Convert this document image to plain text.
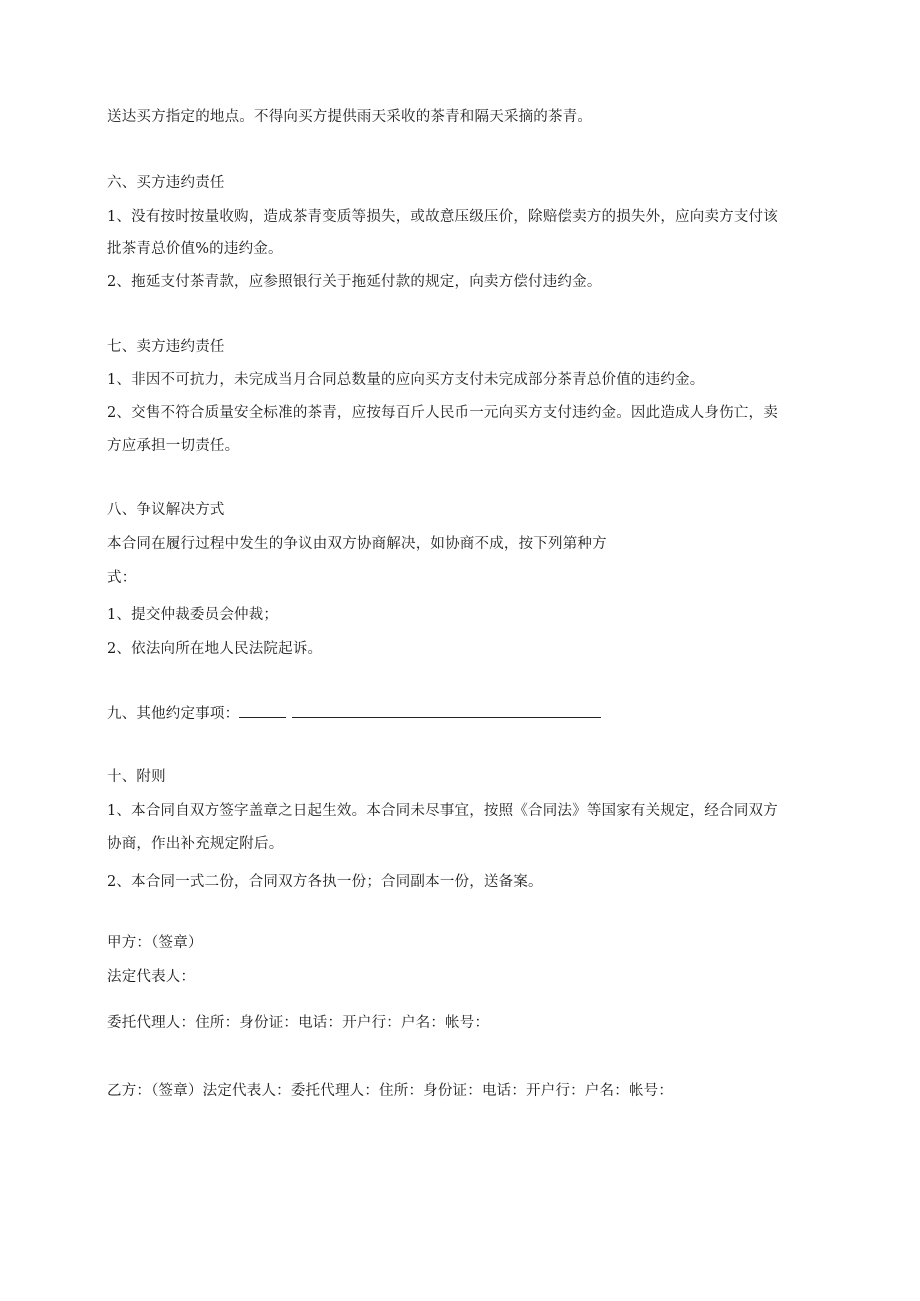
送达买方指定的地点。不得向买方提供雨天采收的茶青和隔天采摘的茶青。
六、买方违约责任
1、没有按时按量收购，造成茶青变质等损失，或故意压级压价，除赔偿卖方的损失外，应向卖方支付该
批茶青总价值%的违约金。
2、拖延支付茶青款，应参照银行关于拖延付款的规定，向卖方偿付违约金。
七、卖方违约责任
1、非因不可抗力，未完成当月合同总数量的应向买方支付未完成部分茶青总价值的违约金。
2、交售不符合质量安全标准的茶青，应按每百斤人民币一元向买方支付违约金。因此造成人身伤亡，卖
方应承担一切责任。
八、争议解决方式
本合同在履行过程中发生的争议由双方协商解决，如协商不成，按下列第种方
式：
1、提交仲裁委员会仲裁；
2、依法向所在地人民法院起诉。
九、其他约定事项：
十、附则
1、本合同自双方签字盖章之日起生效。本合同未尽事宜，按照《合同法》等国家有关规定，经合同双方
协商，作出补充规定附后。
2、本合同一式二份，合同双方各执一份；合同副本一份，送备案。
甲方：（签章）
法定代表人：
委托代理人：住所：身份证：电话：开户行：户名：帐号：
乙方：（签章）法定代表人：委托代理人：住所：身份证：电话：开户行：户名：帐号：
